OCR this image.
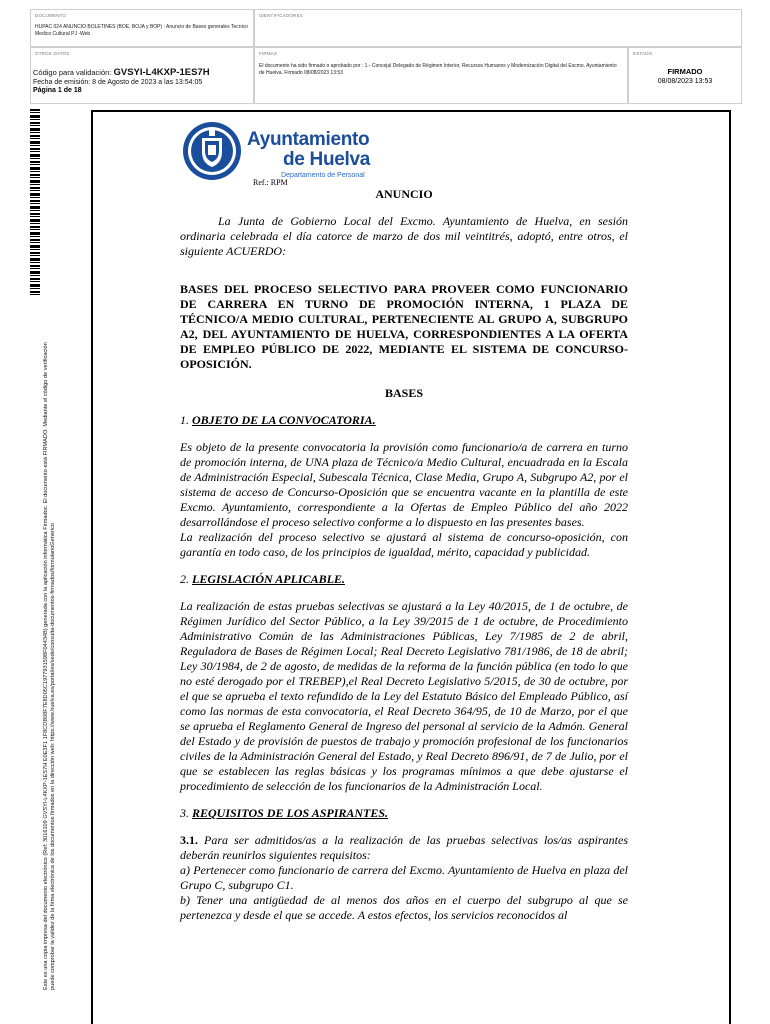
DOCUMENTO
HUPAC 024 ANUNCIO BOLETINES (BOE, BOJA y BOP) : Anuncio de Bases generales Tecnico Medico Cultural PJ -Web
IDENTIFICADORES
OTROS DATOS
Código para validación: GVSYI-L4KXP-1ES7H
Fecha de emisión: 8 de Agosto de 2023 a las 13:54:05
Página 1 de 18
FIRMAS
El documento ha sido firmado o aprobado por : 1.- Concejal Delegado de Régimen Interior, Recursos Humanos y Modernización Digital del Excmo. Ayuntamiento de Huelva. Firmado 08/08/2023 13:53
ESTADO
FIRMADO
08/08/2023 13:53
Este es una copia impresa del documento electrónico (Ref: 3016109 GVSYI-L4KXP-1ES7H E0E3F1 1F8CDB08F7E8D05C1977931598F04434B) generada con la aplicación informática Firmadoc. El documento está FIRMADO. Mediante el código de verificación puede comprobar la validez de la firma electrónica de los documentos firmados en la dirección web: https://www.huelva.es/portal/es/sede/consulta-documentos-firmados/formularioGenerico
Ayuntamiento
de Huelva
Departamento de Personal
Ref.: RPM

ANUNCIO

La Junta de Gobierno Local del Excmo. Ayuntamiento de Huelva, en sesión ordinaria celebrada el día catorce de marzo de dos mil veintitrés, adoptó, entre otros, el siguiente ACUERDO:

BASES DEL PROCESO SELECTIVO PARA PROVEER COMO FUNCIONARIO DE CARRERA EN TURNO DE PROMOCIÓN INTERNA, 1 PLAZA DE TÉCNICO/A MEDIO CULTURAL, PERTENECIENTE AL GRUPO A, SUBGRUPO A2, DEL AYUNTAMIENTO DE HUELVA, CORRESPONDIENTES A LA OFERTA DE EMPLEO PÚBLICO DE 2022, MEDIANTE EL SISTEMA DE CONCURSO-OPOSICIÓN.

BASES

1. OBJETO DE LA CONVOCATORIA.

Es objeto de la presente convocatoria la provisión como funcionario/a de carrera en turno de promoción interna, de UNA plaza de Técnico/a Medio Cultural, encuadrada en la Escala de Administración Especial, Subescala Técnica, Clase Media, Grupo A, Subgrupo A2, por el sistema de acceso de Concurso-Oposición que se encuentra vacante en la plantilla de este Excmo. Ayuntamiento, correspondiente a la Ofertas de Empleo Público del año 2022 desarrollándose el proceso selectivo conforme a lo dispuesto en las presentes bases.

La realización del proceso selectivo se ajustará al sistema de concurso-oposición, con garantía en todo caso, de los principios de igualdad, mérito, capacidad y publicidad.

2. LEGISLACIÓN APLICABLE.

La realización de estas pruebas selectivas se ajustará a la Ley 40/2015, de 1 de octubre, de Régimen Jurídico del Sector Público, a la Ley 39/2015 de 1 de octubre, de Procedimiento Administrativo Común de las Administraciones Públicas, Ley 7/1985 de 2 de abril, Reguladora de Bases de Régimen Local; Real Decreto Legislativo 781/1986, de 18 de abril; Ley 30/1984, de 2 de agosto, de medidas de la reforma de la función pública (en todo lo que no esté derogado por el TREBEP),el Real Decreto Legislativo 5/2015, de 30 de octubre, por el que se aprueba el texto refundido de la Ley del Estatuto Básico del Empleado Público, así como las normas de esta convocatoria, el Real Decreto 364/95, de 10 de Marzo, por el que se aprueba el Reglamento General de Ingreso del personal al servicio de la Admón. General del Estado y de provisión de puestos de trabajo y promoción profesional de los funcionarios civiles de la Administración General del Estado, y Real Decreto 896/91, de 7 de Julio, por el que se establecen las reglas básicas y los programas mínimos a que debe ajustarse el procedimiento de selección de los funcionarios de la Administración Local.

3. REQUISITOS DE LOS ASPIRANTES.

3.1. Para ser admitidos/as a la realización de las pruebas selectivas los/as aspirantes deberán reunirlos siguientes requisitos:

a) Pertenecer como funcionario de carrera del Excmo. Ayuntamiento de Huelva en plaza del Grupo C, subgrupo C1.

b) Tener una antigüedad de al menos dos años en el cuerpo del subgrupo al que se pertenezca y desde el que se accede. A estos efectos, los servicios reconocidos al
